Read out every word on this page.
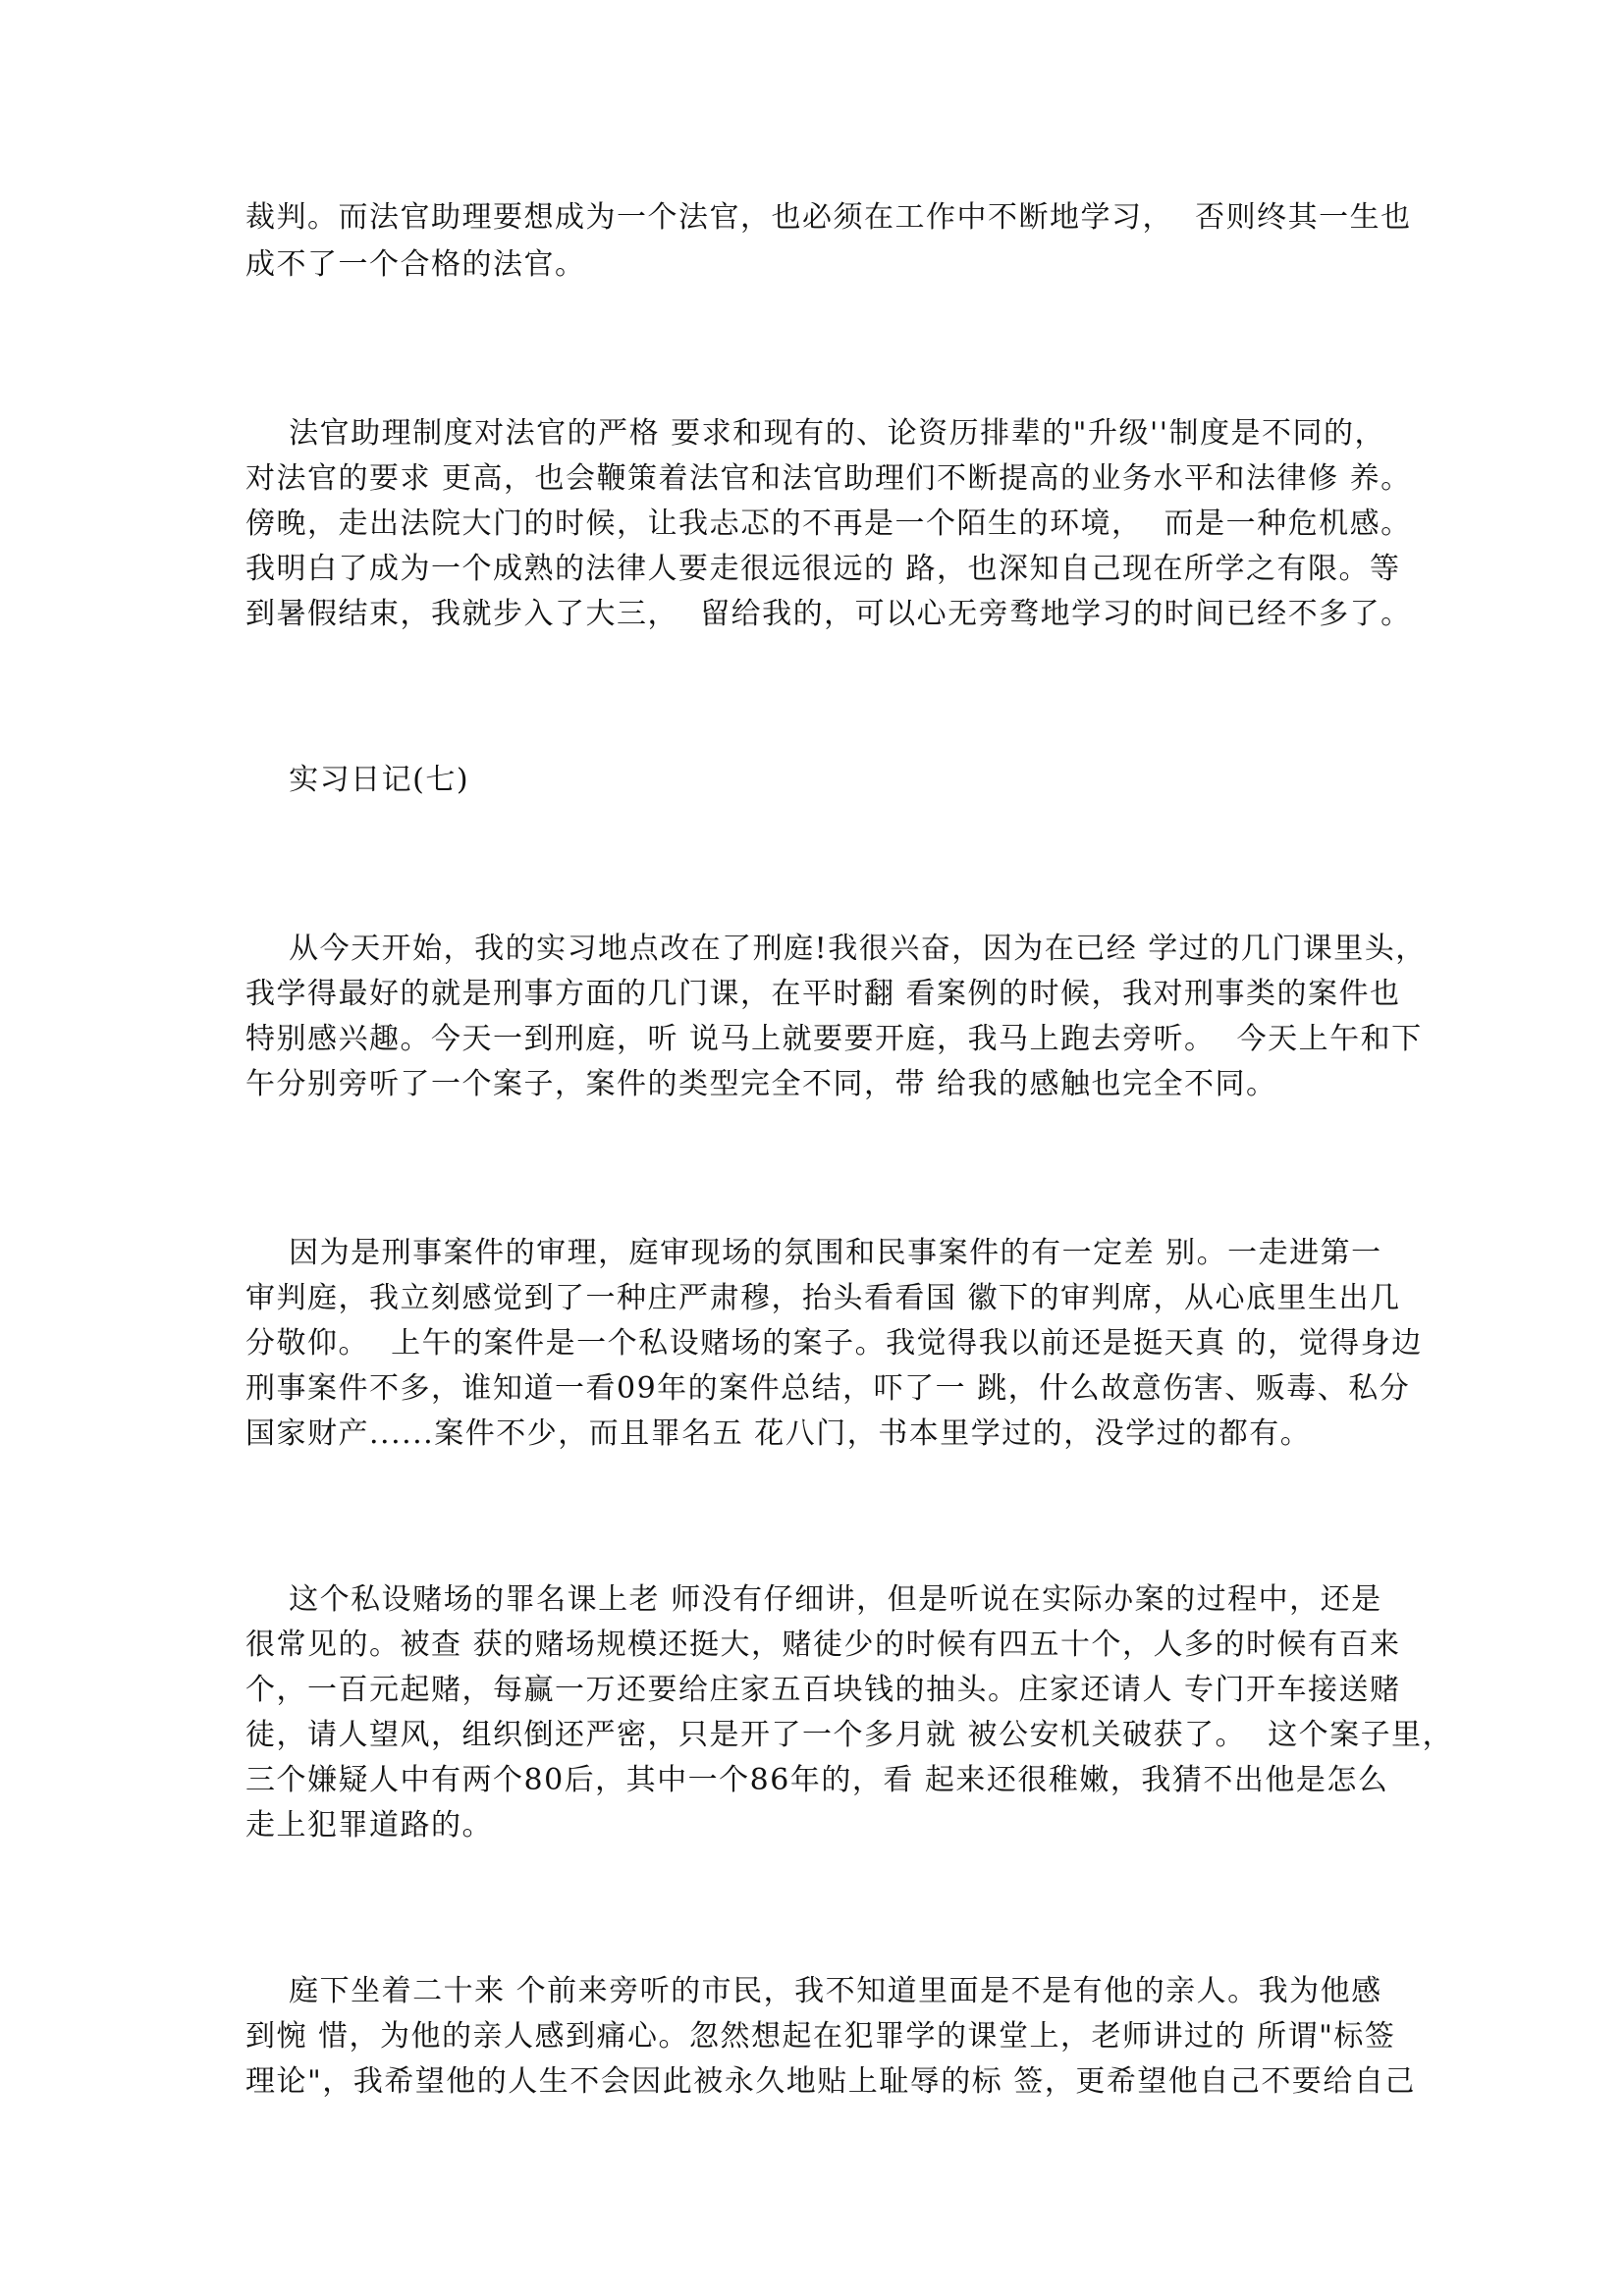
裁判。而法官助理要想成为一个法官，也必须在工作中不断地学习，  否则终其一生也
成不了一个合格的法官。
法官助理制度对法官的严格 要求和现有的、论资历排辈的"升级''制度是不同的，
对法官的要求 更高，也会鞭策着法官和法官助理们不断提高的业务水平和法律修 养。
傍晚，走出法院大门的时候，让我忐忑的不再是一个陌生的环境，  而是一种危机感。
我明白了成为一个成熟的法律人要走很远很远的 路，也深知自己现在所学之有限。等
到暑假结束，我就步入了大三，  留给我的，可以心无旁骛地学习的时间已经不多了。
实习日记(七)
从今天开始，我的实习地点改在了刑庭!我很兴奋，因为在已经 学过的几门课里头，
我学得最好的就是刑事方面的几门课，在平时翻 看案例的时候，我对刑事类的案件也
特别感兴趣。今天一到刑庭，听 说马上就要要开庭，我马上跑去旁听。  今天上午和下
午分别旁听了一个案子，案件的类型完全不同，带 给我的感触也完全不同。
因为是刑事案件的审理，庭审现场的氛围和民事案件的有一定差 别。一走进第一
审判庭，我立刻感觉到了一种庄严肃穆，抬头看看国 徽下的审判席，从心底里生出几
分敬仰。  上午的案件是一个私设赌场的案子。我觉得我以前还是挺天真 的，觉得身边
刑事案件不多，谁知道一看09年的案件总结，吓了一 跳，什么故意伤害、贩毒、私分
国家财产......案件不少，而且罪名五 花八门，书本里学过的，没学过的都有。
这个私设赌场的罪名课上老 师没有仔细讲，但是听说在实际办案的过程中，还是
很常见的。被查 获的赌场规模还挺大，赌徒少的时候有四五十个，人多的时候有百来
个，一百元起赌，每赢一万还要给庄家五百块钱的抽头。庄家还请人 专门开车接送赌
徒，请人望风，组织倒还严密，只是开了一个多月就 被公安机关破获了。  这个案子里，
三个嫌疑人中有两个80后，其中一个86年的，看 起来还很稚嫩，我猜不出他是怎么
走上犯罪道路的。
庭下坐着二十来 个前来旁听的市民，我不知道里面是不是有他的亲人。我为他感
到惋 惜，为他的亲人感到痛心。忽然想起在犯罪学的课堂上，老师讲过的 所谓"标签
理论"，我希望他的人生不会因此被永久地贴上耻辱的标 签，更希望他自己不要给自己
